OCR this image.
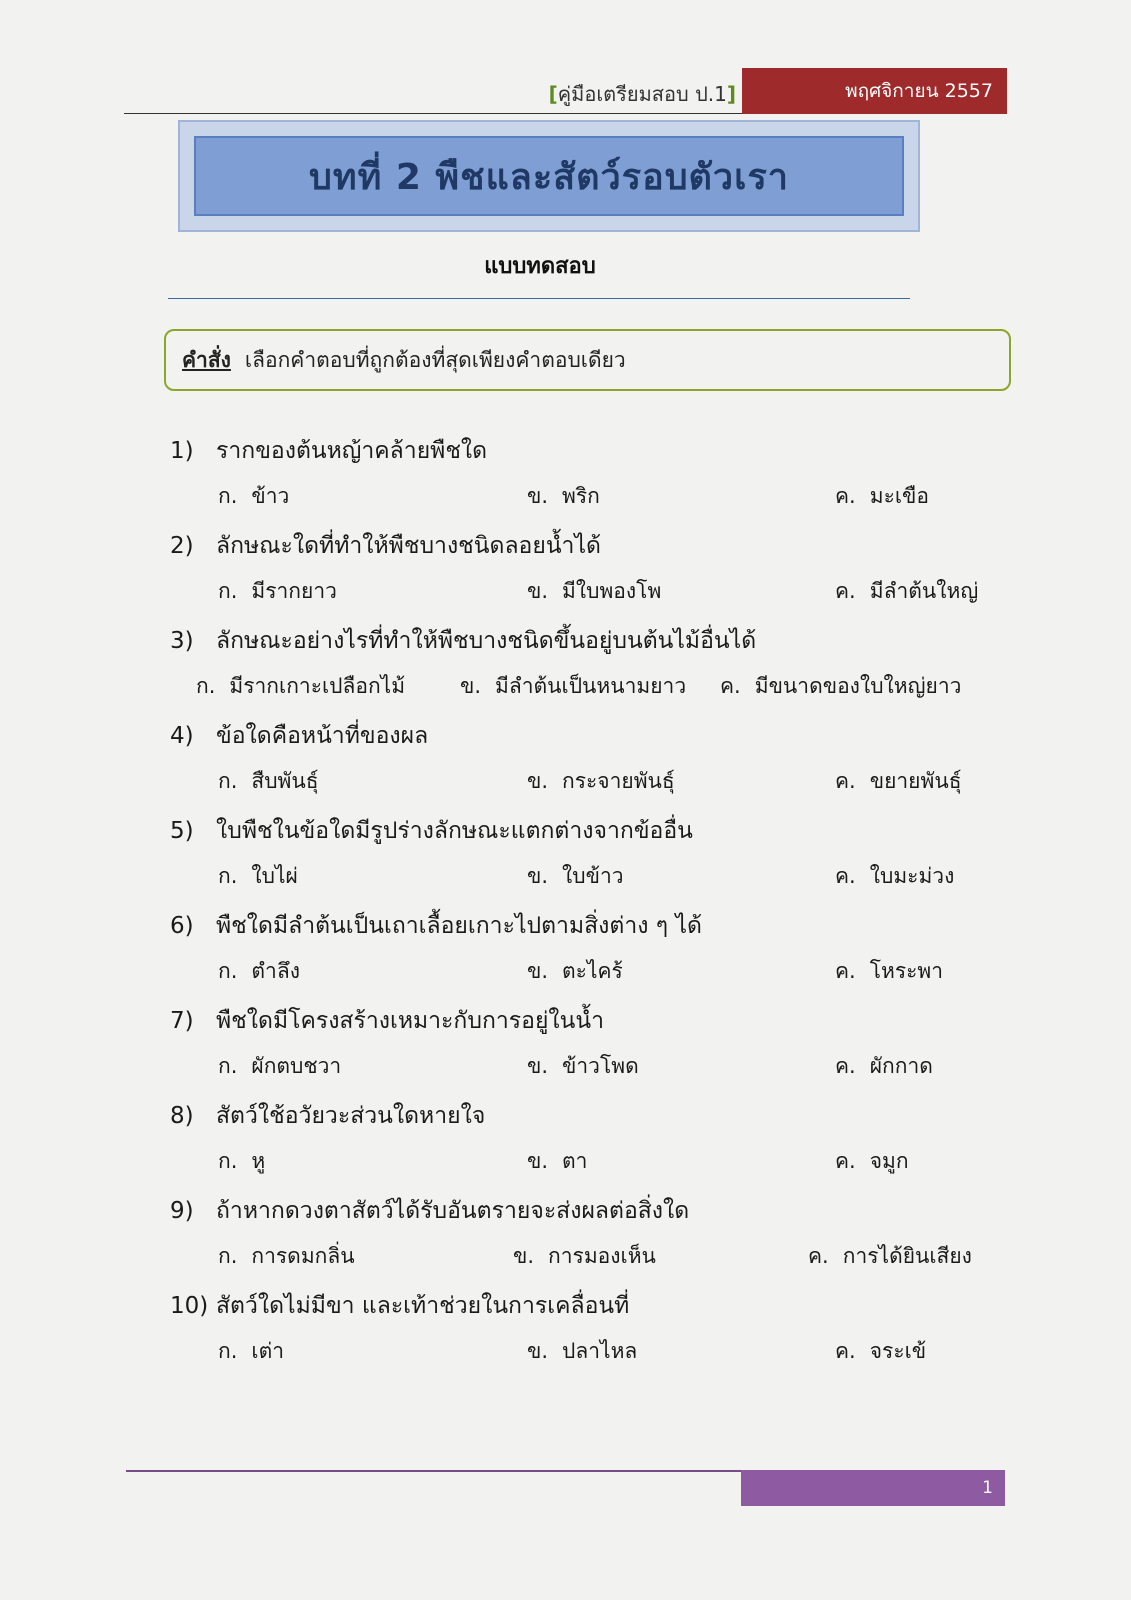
[คู่มือเตรียมสอบ ป.1]	พฤศจิกายน 2557
บทที่ 2 พืชและสัตว์รอบตัวเรา
แบบทดสอบ
คำสั่ง เลือกคำตอบที่ถูกต้องที่สุดเพียงคำตอบเดียว
1) รากของต้นหญ้าคล้ายพืชใด
ก. ข้าว	ข. พริก	ค. มะเขือ
2) ลักษณะใดที่ทำให้พืชบางชนิดลอยน้ำได้
ก. มีรากยาว	ข. มีใบพองโพ	ค. มีลำต้นใหญ่
3) ลักษณะอย่างไรที่ทำให้พืชบางชนิดขึ้นอยู่บนต้นไม้อื่นได้
ก. มีรากเกาะเปลือกไม้	ข. มีลำต้นเป็นหนามยาว ค. มีขนาดของใบใหญ่ยาว
4) ข้อใดคือหน้าที่ของผล
ก. สืบพันธุ์	ข. กระจายพันธุ์	ค. ขยายพันธุ์
5) ใบพืชในข้อใดมีรูปร่างลักษณะแตกต่างจากข้ออื่น
ก. ใบไผ่	ข. ใบข้าว	ค. ใบมะม่วง
6) พืชใดมีลำต้นเป็นเถาเลื้อยเกาะไปตามสิ่งต่าง ๆ ได้
ก. ตำลึง	ข. ตะไคร้	ค. โหระพา
7) พืชใดมีโครงสร้างเหมาะกับการอยู่ในน้ำ
ก. ผักตบชวา	ข. ข้าวโพด	ค. ผักกาด
8) สัตว์ใช้อวัยวะส่วนใดหายใจ
ก. หู	ข. ตา	ค. จมูก
9) ถ้าหากดวงตาสัตว์ได้รับอันตรายจะส่งผลต่อสิ่งใด
ก. การดมกลิ่น	ข. การมองเห็น	ค. การได้ยินเสียง
10) สัตว์ใดไม่มีขา และเท้าช่วยในการเคลื่อนที่
ก. เต่า	ข. ปลาไหล	ค. จระเข้
1
